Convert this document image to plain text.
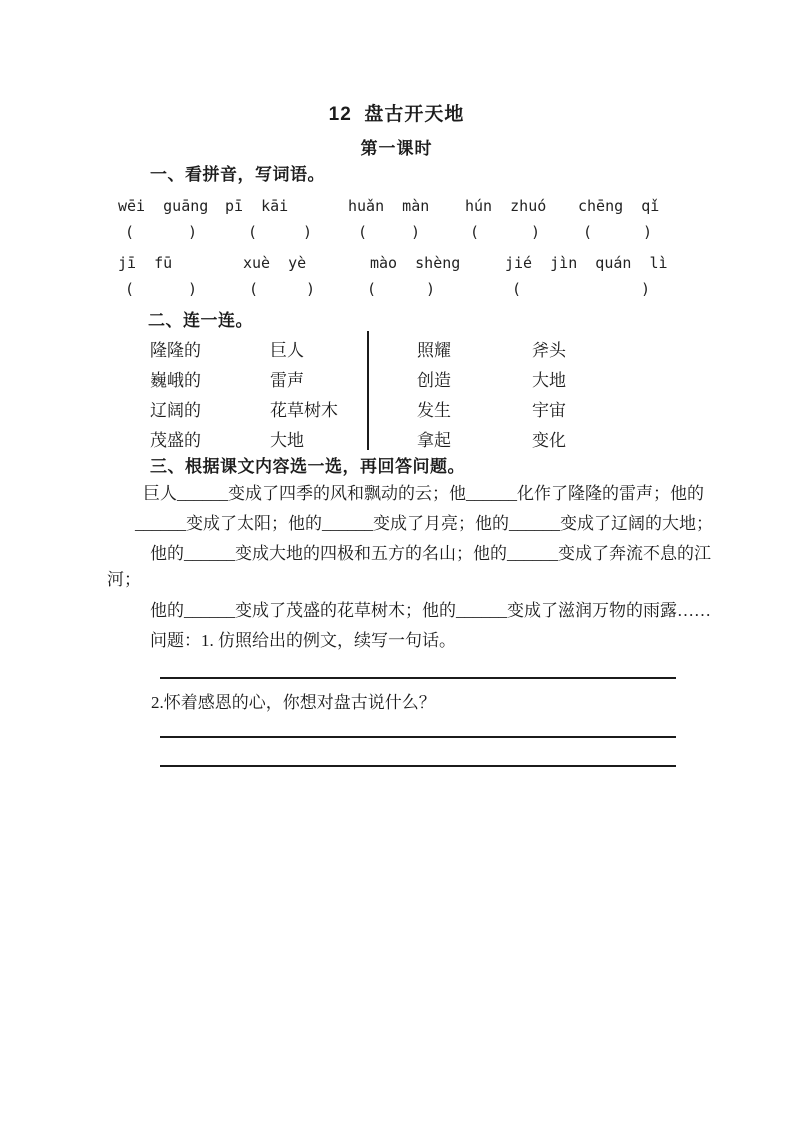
12  盘古开天地
第一课时
一、看拼音，写词语。
wēi  guāng pī  kāi	huǎn  màn hún  zhuó chēng  qǐ
(	)	(	)	(	)	(	)	(	)
jī  fū	xuè  yè	mào  shèng	jié  jìn  quán  lì
(	)	(	)	(	)	(	)
二、连一连。
隆隆的	巨人	照耀	斧头
巍峨的	雷声	创造	大地
辽阔的	花草树木	发生	宇宙
茂盛的	大地	拿起	变化
三、根据课文内容选一选，再回答问题。
巨人______变成了四季的风和飘动的云；他______化作了隆隆的雷声；他的
______变成了太阳；他的______变成了月亮；他的______变成了辽阔的大地；
他的______变成大地的四极和五方的名山；他的______变成了奔流不息的江
河；
他的______变成了茂盛的花草树木；他的______变成了滋润万物的雨露……
问题：1. 仿照给出的例文，续写一句话。
2.怀着感恩的心，你想对盘古说什么？
